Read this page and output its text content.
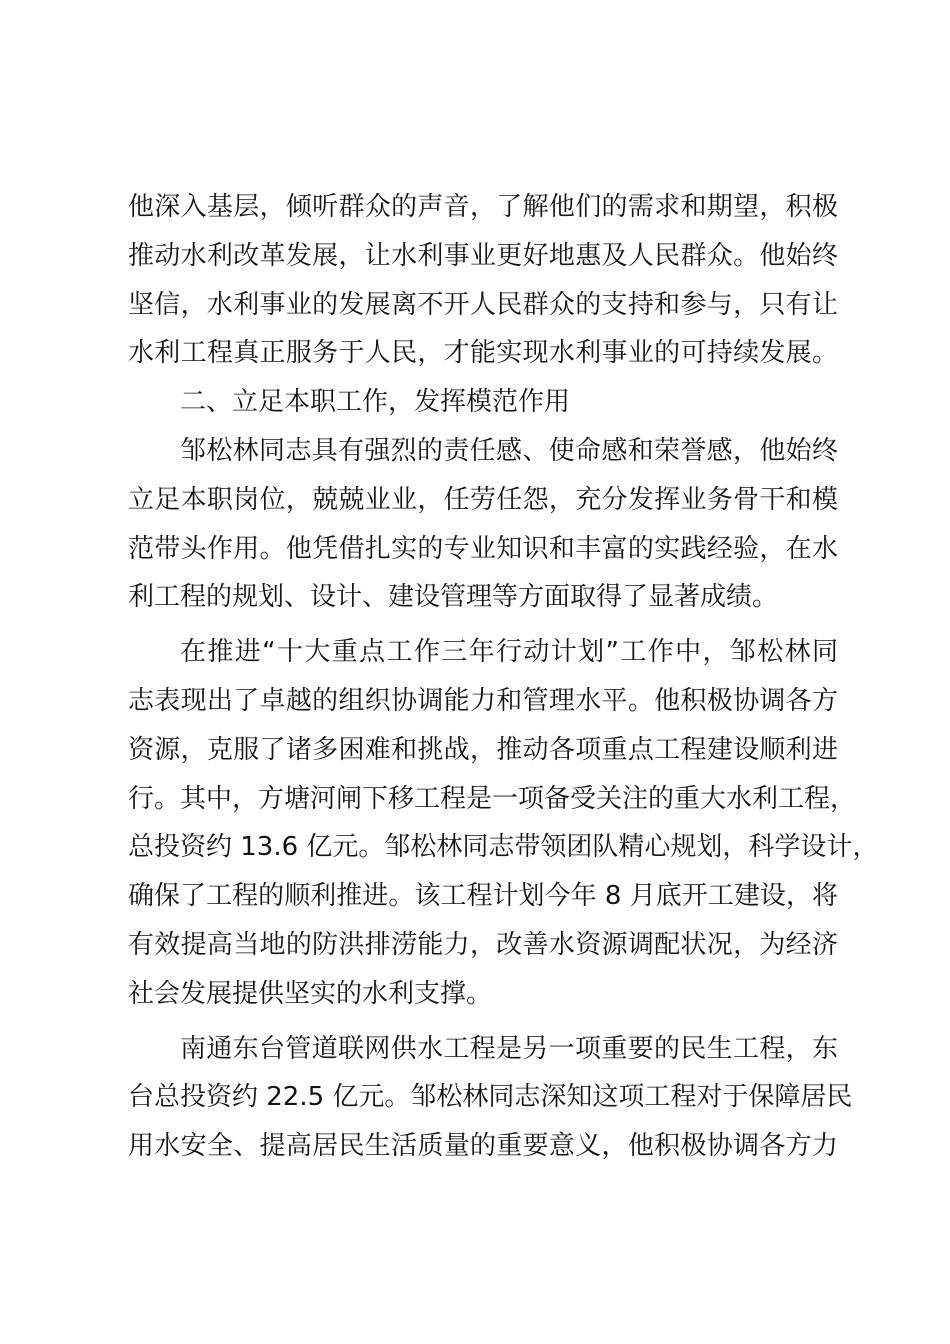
他深入基层，倾听群众的声音，了解他们的需求和期望，积极
推动水利改革发展，让水利事业更好地惠及人民群众。他始终
坚信，水利事业的发展离不开人民群众的支持和参与，只有让
水利工程真正服务于人民，才能实现水利事业的可持续发展。
二、立足本职工作，发挥模范作用
邹松林同志具有强烈的责任感、使命感和荣誉感，他始终
立足本职岗位，兢兢业业，任劳任怨，充分发挥业务骨干和模
范带头作用。他凭借扎实的专业知识和丰富的实践经验，在水
利工程的规划、设计、建设管理等方面取得了显著成绩。
在推进“十大重点工作三年行动计划”工作中，邹松林同
志表现出了卓越的组织协调能力和管理水平。他积极协调各方
资源，克服了诸多困难和挑战，推动各项重点工程建设顺利进
行。其中，方塘河闸下移工程是一项备受关注的重大水利工程，
总投资约 13.6 亿元。邹松林同志带领团队精心规划，科学设计，
确保了工程的顺利推进。该工程计划今年 8 月底开工建设，将
有效提高当地的防洪排涝能力，改善水资源调配状况，为经济
社会发展提供坚实的水利支撑。
南通东台管道联网供水工程是另一项重要的民生工程，东
台总投资约 22.5 亿元。邹松林同志深知这项工程对于保障居民
用水安全、提高居民生活质量的重要意义，他积极协调各方力
